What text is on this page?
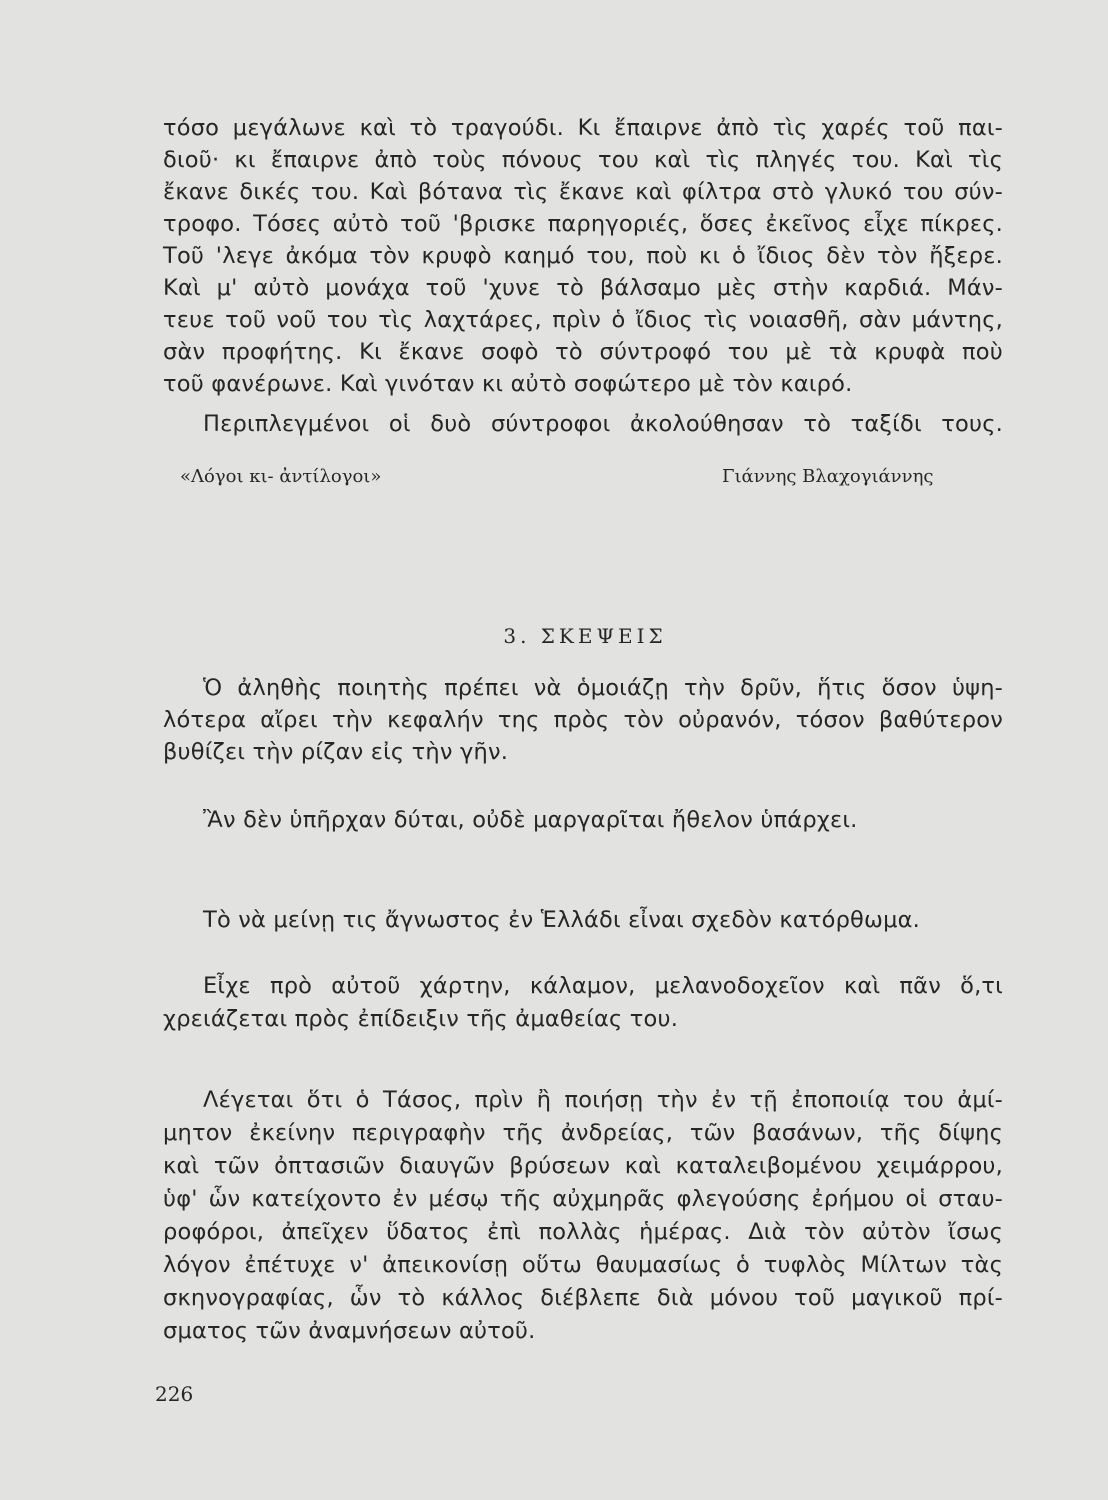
τόσο μεγάλωνε καὶ τὸ τραγούδι. Κι ἔπαιρνε ἀπὸ τὶς χαρές τοῦ παι-
διοῦ· κι ἔπαιρνε ἀπὸ τοὺς πόνους του καὶ τὶς πληγές του. Καὶ τὶς
ἔκανε δικές του. Καὶ βότανα τὶς ἔκανε καὶ φίλτρα στὸ γλυκό του σύν-
τροφο. Τόσες αὐτὸ τοῦ 'βρισκε παρηγοριές, ὅσες ἐκεῖνος εἶχε πίκρες.
Τοῦ 'λεγε ἀκόμα τὸν κρυφὸ καημό του, ποὺ κι ὁ ἴδιος δὲν τὸν ἤξερε.
Καὶ μ' αὐτὸ μονάχα τοῦ 'χυνε τὸ βάλσαμο μὲς στὴν καρδιά. Μάν-
τευε τοῦ νοῦ του τὶς λαχτάρες, πρὶν ὁ ἴδιος τὶς νοιασθῆ, σὰν μάντης,
σὰν προφήτης. Κι ἔκανε σοφὸ τὸ σύντροφό του μὲ τὰ κρυφὰ ποὺ
τοῦ φανέρωνε. Καὶ γινόταν κι αὐτὸ σοφώτερο μὲ τὸν καιρό.
Περιπλεγμένοι οἱ δυὸ σύντροφοι ἀκολούθησαν τὸ ταξίδι τους.
«Λόγοι κι- ἀντίλογοι»	Γιάννης Βλαχογιάννης
3. ΣΚΕΨΕΙΣ
Ὁ ἀληθὴς ποιητὴς πρέπει νὰ ὁμοιάζῃ τὴν δρῦν, ἥτις ὅσον ὑψη-
λότερα αἴρει τὴν κεφαλήν της πρὸς τὸν οὐρανόν, τόσον βαθύτερον
βυθίζει τὴν ρίζαν εἰς τὴν γῆν.
Ἂν δὲν ὑπῆρχαν δύται, οὐδὲ μαργαρῖται ἤθελον ὑπάρχει.
Τὸ νὰ μείνῃ τις ἄγνωστος ἐν Ἑλλάδι εἶναι σχεδὸν κατόρθωμα.
Εἶχε πρὸ αὐτοῦ χάρτην, κάλαμον, μελανοδοχεῖον καὶ πᾶν ὅ,τι
χρειάζεται πρὸς ἐπίδειξιν τῆς ἀμαθείας του.
Λέγεται ὅτι ὁ Τάσος, πρὶν ἢ ποιήσῃ τὴν ἐν τῇ ἐποποιίᾳ του ἀμί-
μητον ἐκείνην περιγραφὴν τῆς ἀνδρείας, τῶν βασάνων, τῆς δίψης
καὶ τῶν ὀπτασιῶν διαυγῶν βρύσεων καὶ καταλειβομένου χειμάρρου,
ὑφ' ὧν κατείχοντο ἐν μέσῳ τῆς αὐχμηρᾶς φλεγούσης ἐρήμου οἱ σταυ-
ροφόροι, ἀπεῖχεν ὕδατος ἐπὶ πολλὰς ἡμέρας. Διὰ τὸν αὐτὸν ἴσως
λόγον ἐπέτυχε ν' ἀπεικονίσῃ οὕτω θαυμασίως ὁ τυφλὸς Μίλτων τὰς
σκηνογραφίας, ὧν τὸ κάλλος διέβλεπε διὰ μόνου τοῦ μαγικοῦ πρί-
σματος τῶν ἀναμνήσεων αὐτοῦ.
226
